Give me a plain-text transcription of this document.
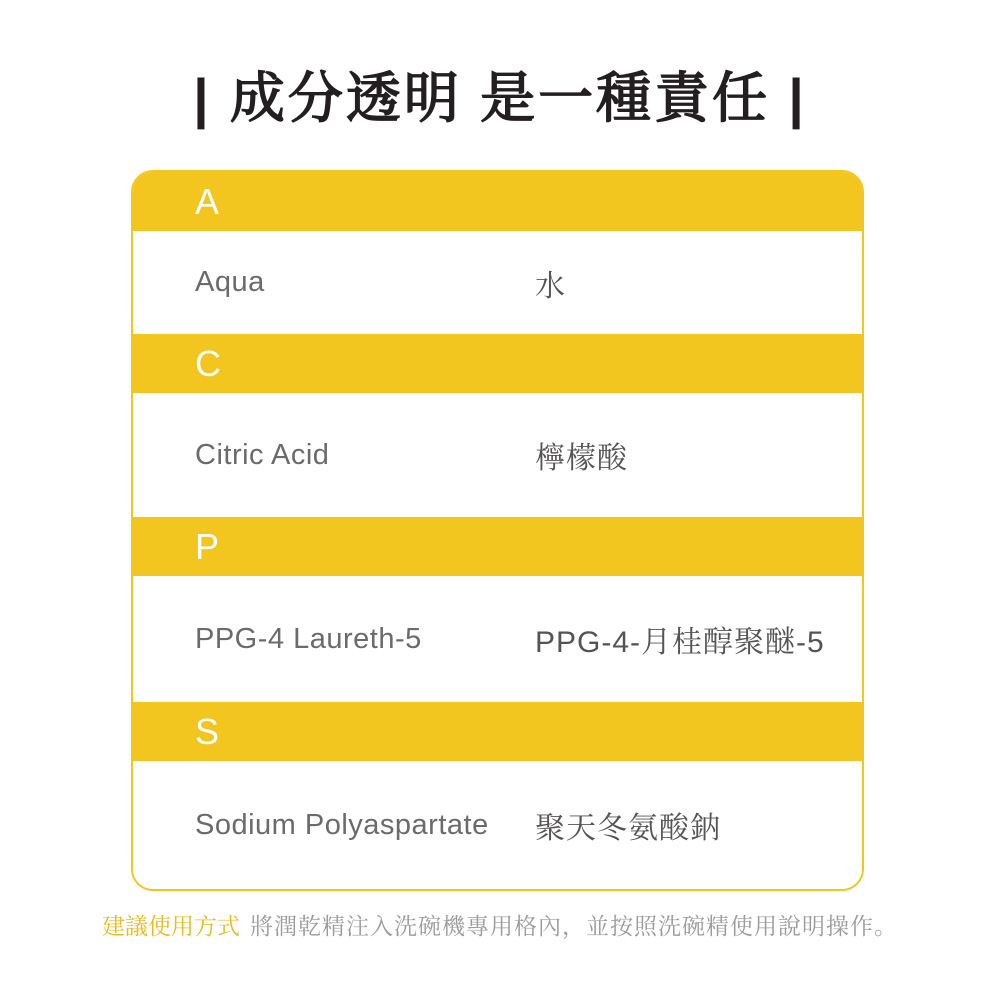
| 成分透明 是一種責任 |
A
Aqua	水
C
Citric Acid	檸檬酸
P
PPG-4 Laureth-5	PPG-4-月桂醇聚醚-5
S
Sodium Polyaspartate	聚天冬氨酸鈉
建議使用方式 將潤乾精注入洗碗機專用格內，並按照洗碗精使用說明操作。
